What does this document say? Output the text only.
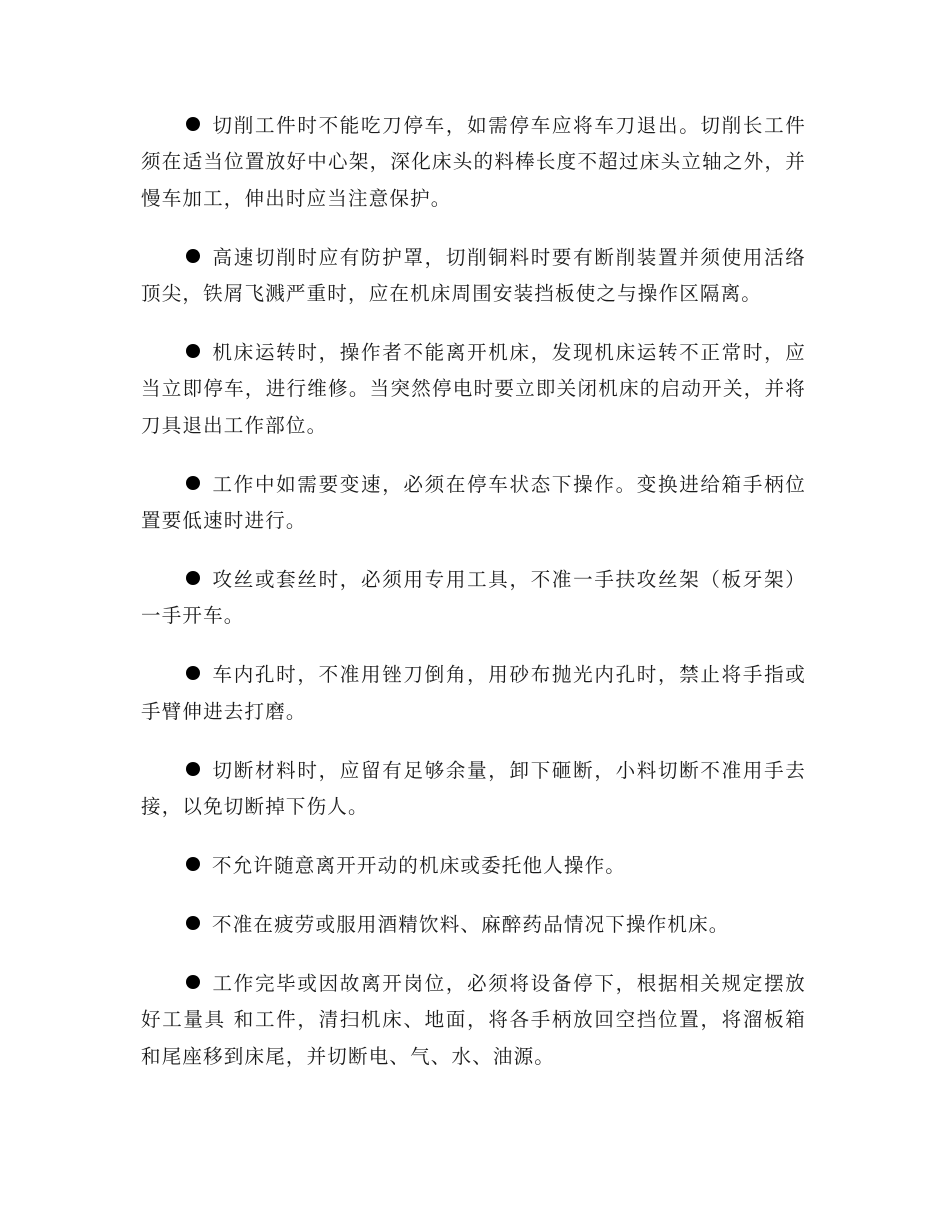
切削工件时不能吃刀停车，如需停车应将车刀退出。切削长工件须在适当位置放好中心架，深化床头的料棒长度不超过床头立轴之外，并慢车加工，伸出时应当注意保护。

高速切削时应有防护罩，切削铜料时要有断削装置并须使用活络顶尖，铁屑飞溅严重时，应在机床周围安装挡板使之与操作区隔离。

机床运转时，操作者不能离开机床，发现机床运转不正常时，应当立即停车，进行维修。当突然停电时要立即关闭机床的启动开关，并将刀具退出工作部位。

工作中如需要变速，必须在停车状态下操作。变换进给箱手柄位置要低速时进行。

攻丝或套丝时，必须用专用工具，不准一手扶攻丝架（板牙架）一手开车。

车内孔时，不准用锉刀倒角，用砂布抛光内孔时，禁止将手指或手臂伸进去打磨。

切断材料时，应留有足够余量，卸下砸断，小料切断不准用手去接，以免切断掉下伤人。

不允许随意离开开动的机床或委托他人操作。

不准在疲劳或服用酒精饮料、麻醉药品情况下操作机床。

工作完毕或因故离开岗位，必须将设备停下，根据相关规定摆放好工量具 和工件，清扫机床、地面，将各手柄放回空挡位置，将溜板箱和尾座移到床尾，并切断电、气、水、油源。
